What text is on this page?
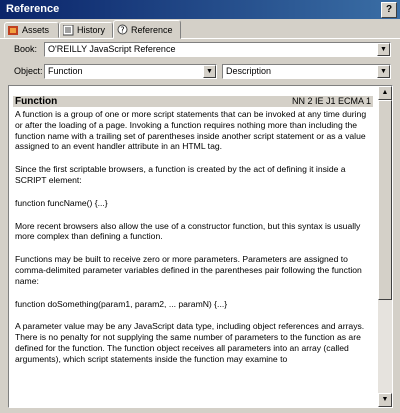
Reference	?
Assets	History ? Reference
Book: O'REILLY JavaScript Reference	▼
Object: Function	▼	Description	▼
Function	NN 2 IE J1 ECMA 1

A function is a group of one or more script statements that can be invoked at any time during or after the loading of a page. Invoking a function requires nothing more than including the function name with a trailing set of parentheses inside another script statement or as a value assigned to an event handler attribute in an HTML tag.

Since the first scriptable browsers, a function is created by the act of defining it inside a SCRIPT element:

function funcName() {...}

More recent browsers also allow the use of a constructor function, but this syntax is usually more complex than defining a function.

Functions may be built to receive zero or more parameters. Parameters are assigned to comma-delimited parameter variables defined in the parentheses pair following the function name:

function doSomething(param1, param2, ... paramN) {...}

A parameter value may be any JavaScript data type, including object references and arrays. There is no penalty for not supplying the same number of parameters to the function as are defined for the function. The function object receives all parameters into an array (called arguments), which script statements inside the function may examine to

▲
▼
